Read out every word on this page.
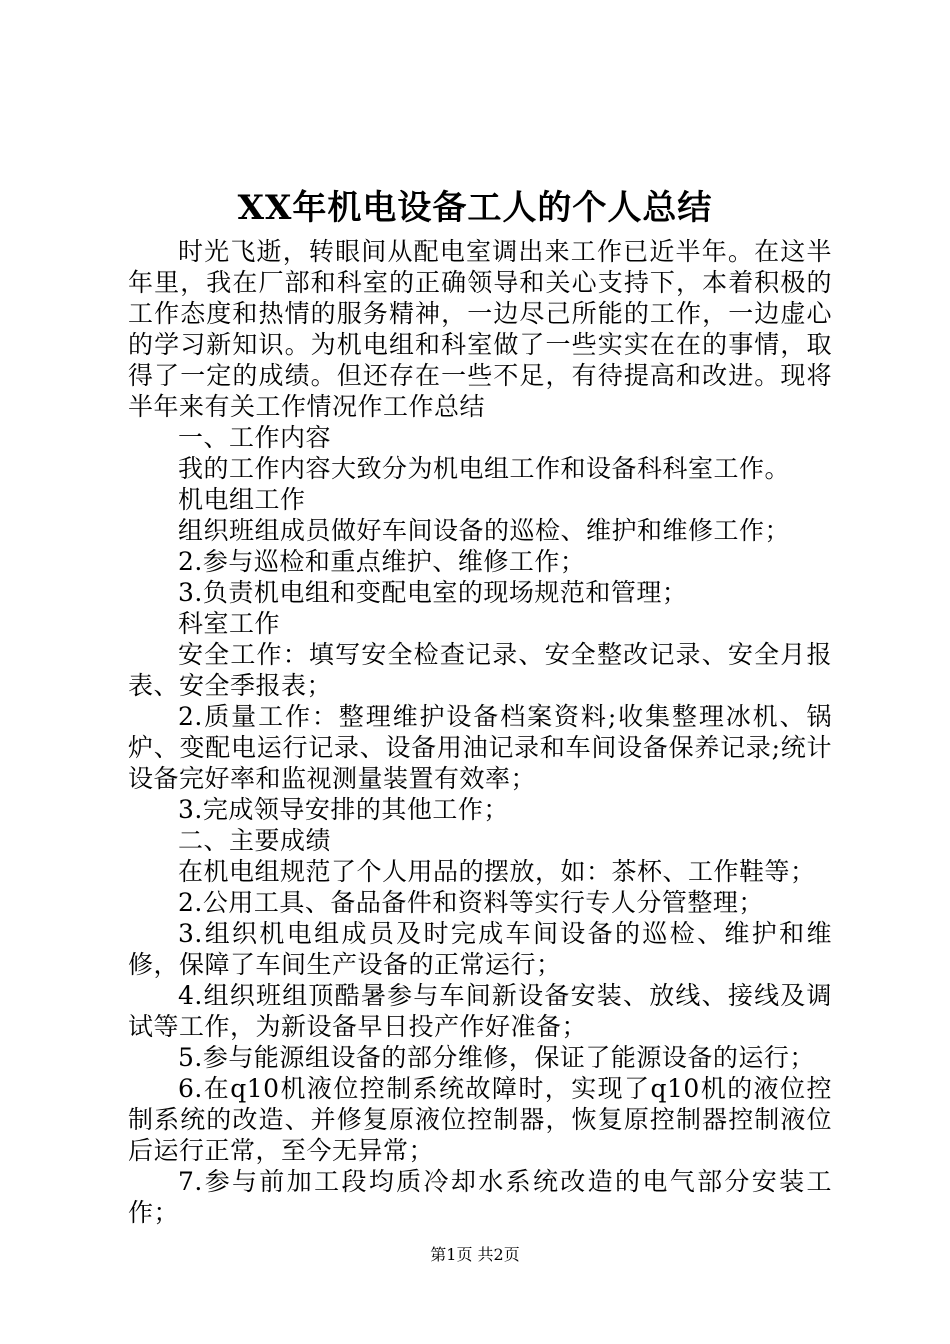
XX年机电设备工人的个人总结

时光飞逝，转眼间从配电室调出来工作已近半年。在这半年里，我在厂部和科室的正确领导和关心支持下，本着积极的工作态度和热情的服务精神，一边尽己所能的工作，一边虚心的学习新知识。为机电组和科室做了一些实实在在的事情，取得了一定的成绩。但还存在一些不足，有待提高和改进。现将半年来有关工作情况作工作总结

一、工作内容

我的工作内容大致分为机电组工作和设备科科室工作。

机电组工作

组织班组成员做好车间设备的巡检、维护和维修工作；

2.参与巡检和重点维护、维修工作；

3.负责机电组和变配电室的现场规范和管理；

科室工作

安全工作：填写安全检查记录、安全整改记录、安全月报表、安全季报表；

2.质量工作：整理维护设备档案资料;收集整理冰机、锅炉、变配电运行记录、设备用油记录和车间设备保养记录;统计设备完好率和监视测量装置有效率；

3.完成领导安排的其他工作；

二、主要成绩

在机电组规范了个人用品的摆放，如：茶杯、工作鞋等；

2.公用工具、备品备件和资料等实行专人分管整理；

3.组织机电组成员及时完成车间设备的巡检、维护和维修，保障了车间生产设备的正常运行；

4.组织班组顶酷暑参与车间新设备安装、放线、接线及调试等工作，为新设备早日投产作好准备；

5.参与能源组设备的部分维修，保证了能源设备的运行；

6.在q10机液位控制系统故障时，实现了q10机的液位控制系统的改造、并修复原液位控制器，恢复原控制器控制液位后运行正常，至今无异常；

7.参与前加工段均质冷却水系统改造的电气部分安装工作；

第1页 共2页
